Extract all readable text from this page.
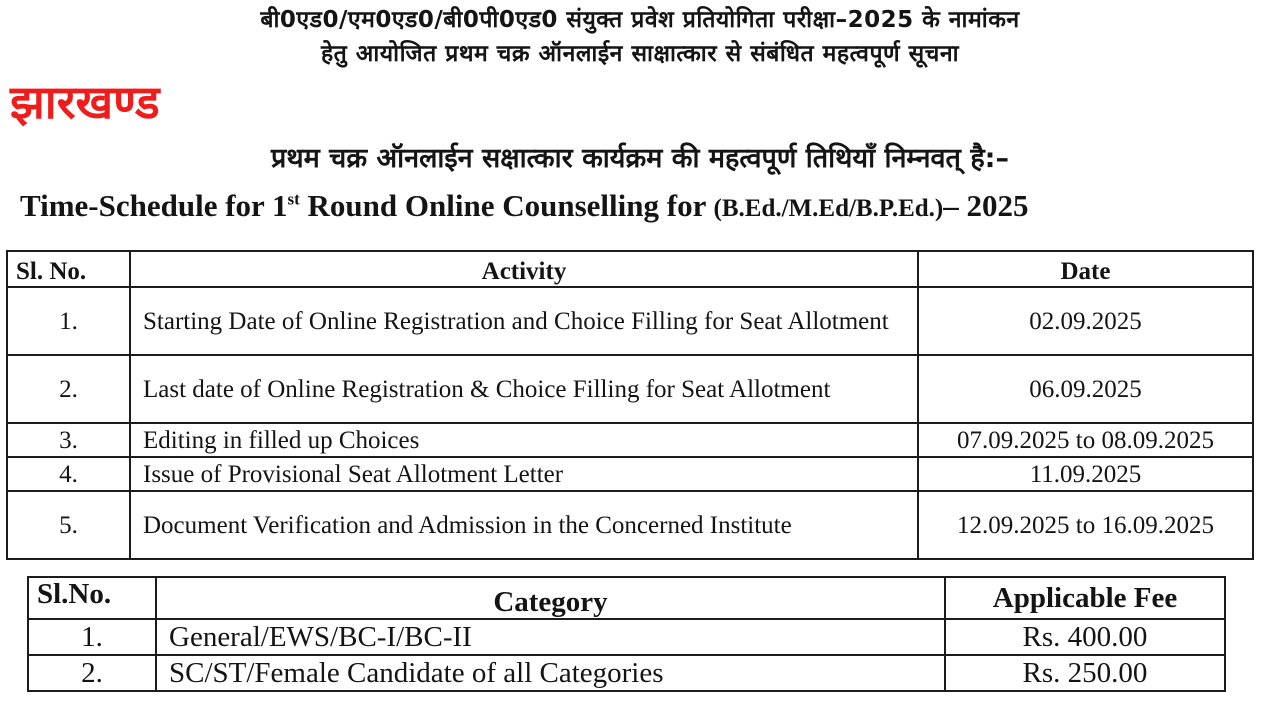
बी0एड0/एम0एड0/बी0पी0एड0 संयुक्त प्रवेश प्रतियोगिता परीक्षा–2025 के नामांकन
हेतु आयोजित प्रथम चक्र ऑनलाईन साक्षात्कार से संबंधित महत्वपूर्ण सूचना
झारखण्ड
प्रथम चक्र ऑनलाईन सक्षात्कार कार्यक्रम की महत्वपूर्ण तिथियाँ निम्नवत् है:–
Time-Schedule for 1st Round Online Counselling for (B.Ed./M.Ed/B.P.Ed.)– 2025
Sl. No.	Activity	Date
1.	Starting Date of Online Registration and Choice Filling for Seat Allotment	02.09.2025
2.	Last date of Online Registration & Choice Filling for Seat Allotment	06.09.2025
3.	Editing in filled up Choices	07.09.2025 to 08.09.2025
4.	Issue of Provisional Seat Allotment Letter	11.09.2025
5.	Document Verification and Admission in the Concerned Institute	12.09.2025 to 16.09.2025
Sl.No.	Category	Applicable Fee
1.	General/EWS/BC-I/BC-II	Rs. 400.00
2.	SC/ST/Female Candidate of all Categories	Rs. 250.00
